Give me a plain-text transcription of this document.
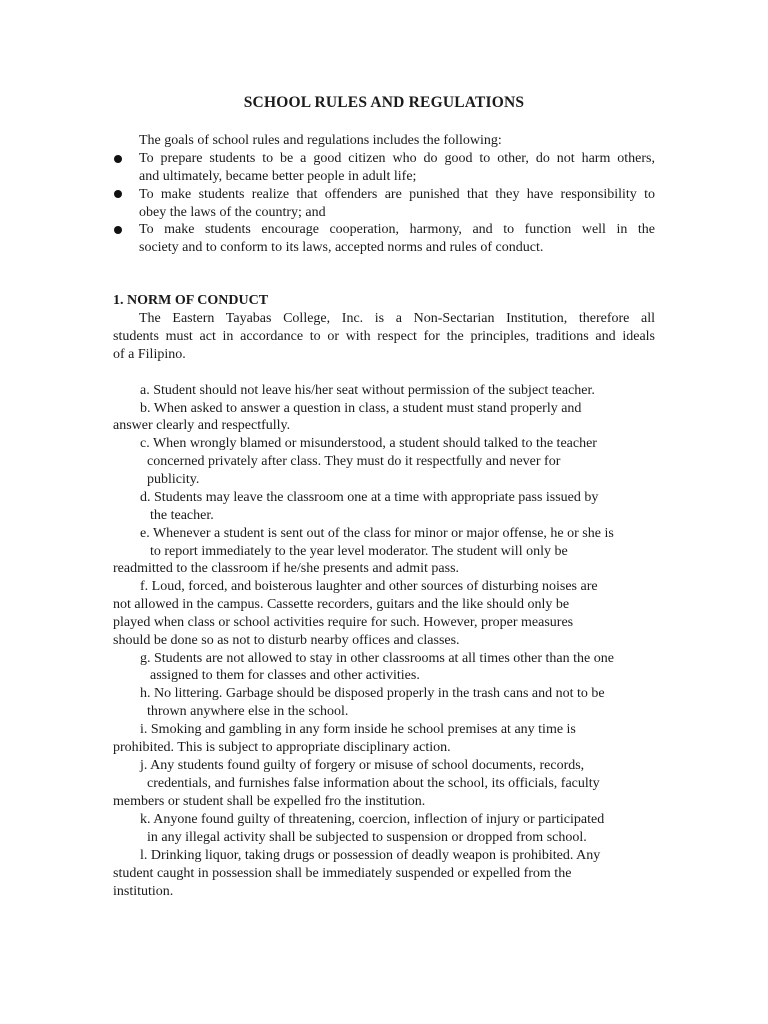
SCHOOL RULES AND REGULATIONS
The goals of school rules and regulations includes the following:
To prepare students to be a good citizen who do good to other, do not harm others,
and ultimately, became better people in adult life;
To make students realize that offenders are punished that they have responsibility to
obey the laws of the country; and
To make students encourage cooperation, harmony, and to function well in the
society and to conform to its laws, accepted norms and rules of conduct.
1. NORM OF CONDUCT
The Eastern Tayabas College, Inc. is a Non-Sectarian Institution, therefore all
students must act in accordance to or with respect for the principles, traditions and ideals
of a Filipino.
a. Student should not leave his/her seat without permission of the subject teacher.
b. When asked to answer a question in class, a student must stand properly and
answer clearly and respectfully.
c. When wrongly blamed or misunderstood, a student should talked to the teacher
concerned privately after class. They must do it respectfully and never for
publicity.
d. Students may leave the classroom one at a time with appropriate pass issued by
the teacher.
e. Whenever a student is sent out of the class for minor or major offense, he or she is
to report immediately to the year level moderator. The student will only be
readmitted to the classroom if he/she presents and admit pass.
f. Loud, forced, and boisterous laughter and other sources of disturbing noises are
not allowed in the campus. Cassette recorders, guitars and the like should only be
played when class or school activities require for such. However, proper measures
should be done so as not to disturb nearby offices and classes.
g. Students are not allowed to stay in other classrooms at all times other than the one
assigned to them for classes and other activities.
h. No littering. Garbage should be disposed properly in the trash cans and not to be
thrown anywhere else in the school.
i. Smoking and gambling in any form inside he school premises at any time is
prohibited. This is subject to appropriate disciplinary action.
j. Any students found guilty of forgery or misuse of school documents, records,
credentials, and furnishes false information about the school, its officials, faculty
members or student shall be expelled fro the institution.
k. Anyone found guilty of threatening, coercion, inflection of injury or participated
in any illegal activity shall be subjected to suspension or dropped from school.
l. Drinking liquor, taking drugs or possession of deadly weapon is prohibited. Any
student caught in possession shall be immediately suspended or expelled from the
institution.
